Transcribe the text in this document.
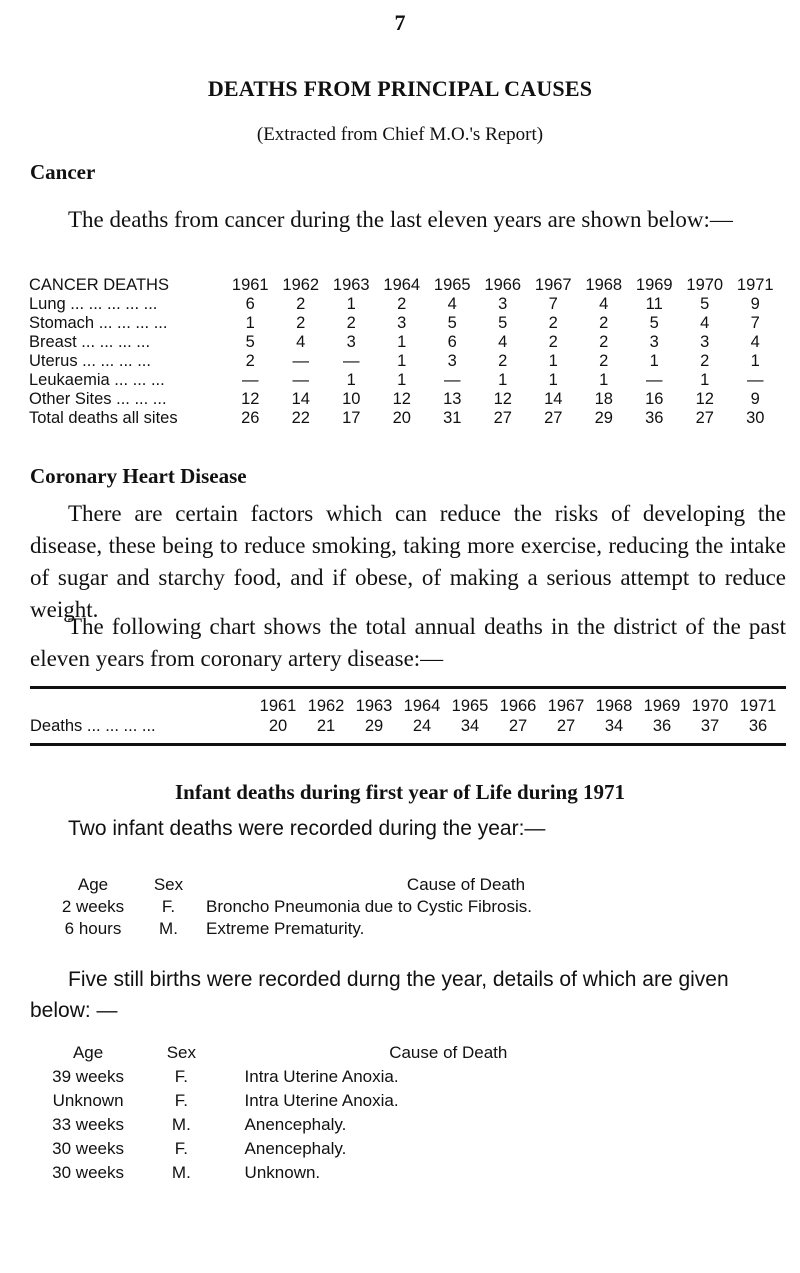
7
DEATHS FROM PRINCIPAL CAUSES
(Extracted from Chief M.O.'s Report)
Cancer

The deaths from cancer during the last eleven years are shown below:—

CANCER DEATHS	1961	1962	1963	1964	1965	1966	1967	1968	1969	1970	1971
Lung ... ... ... ... ...	6	2	1	2	4	3	7	4	11	5	9
Stomach ... ... ... ...	1	2	2	3	5	5	2	2	5	4	7
Breast ... ... ... ...	5	4	3	1	6	4	2	2	3	3	4
Uterus ... ... ... ...	2	—	—	1	3	2	1	2	1	2	1
Leukaemia ... ... ...	—	—	1	1	—	1	1	1	—	1	—
Other Sites ... ... ...	12	14	10	12	13	12	14	18	16	12	9
Total deaths all sites	26	22	17	20	31	27	27	29	36	27	30
Coronary Heart Disease

There are certain factors which can reduce the risks of developing the disease, these being to reduce smoking, taking more exercise, reducing the intake of sugar and starchy food, and if obese, of making a serious attempt to reduce weight.

The following chart shows the total annual deaths in the district of the past eleven years from coronary artery disease:—

	1961	1962	1963	1964	1965	1966	1967	1968	1969	1970	1971
Deaths ... ... ... ...	20	21	29	24	34	27	27	34	36	37	36
Infant deaths during first year of Life during 1971
Two infant deaths were recorded during the year:—
Age	Sex	Cause of Death
2 weeks	F.	Broncho Pneumonia due to Cystic Fibrosis.
6 hours	M.	Extreme Prematurity.

Five still births were recorded durng the year, details of which are given below: —

Age	Sex	Cause of Death
39 weeks	F.	Intra Uterine Anoxia.
Unknown	F.	Intra Uterine Anoxia.
33 weeks	M.	Anencephaly.
30 weeks	F.	Anencephaly.
30 weeks	M.	Unknown.
